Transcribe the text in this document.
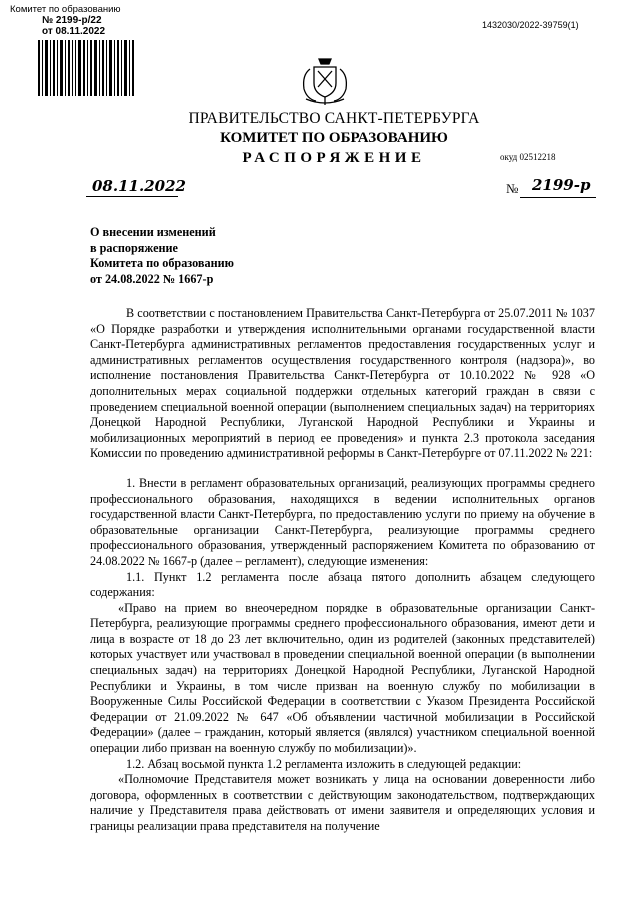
Комитет по образованию
№ 2199-р/22
от 08.11.2022
1432030/2022-39759(1)
ПРАВИТЕЛЬСТВО САНКТ-ПЕТЕРБУРГА
КОМИТЕТ ПО ОБРАЗОВАНИЮ
РАСПОРЯЖЕНИЕ	окуд 02512218
08.11.2022	№ 2199-р
О внесении изменений
в распоряжение
Комитета по образованию
от 24.08.2022 № 1667-р

В соответствии с постановлением Правительства Санкт-Петербурга от 25.07.2011 № 1037 «О Порядке разработки и утверждения исполнительными органами государственной власти Санкт-Петербурга административных регламентов предоставления государственных услуг и административных регламентов осуществления государственного контроля (надзора)», во исполнение постановления Правительства Санкт-Петербурга от 10.10.2022 № 928 «О дополнительных мерах социальной поддержки отдельных категорий граждан в связи с проведением специальной военной операции (выполнением специальных задач) на территориях Донецкой Народной Республики, Луганской Народной Республики и Украины и мобилизационных мероприятий в период ее проведения» и пункта 2.3 протокола заседания Комиссии по проведению административной реформы в Санкт-Петербурге от 07.11.2022 № 221:

1. Внести в регламент образовательных организаций, реализующих программы среднего профессионального образования, находящихся в ведении исполнительных органов государственной власти Санкт-Петербурга, по предоставлению услуги по приему на обучение в образовательные организации Санкт-Петербурга, реализующие программы среднего профессионального образования, утвержденный распоряжением Комитета по образованию от 24.08.2022 № 1667-р (далее – регламент), следующие изменения:

1.1. Пункт 1.2 регламента после абзаца пятого дополнить абзацем следующего содержания:

«Право на прием во внеочередном порядке в образовательные организации Санкт-Петербурга, реализующие программы среднего профессионального образования, имеют дети и лица в возрасте от 18 до 23 лет включительно, один из родителей (законных представителей) которых участвует или участвовал в проведении специальной военной операции (в выполнении специальных задач) на территориях Донецкой Народной Республики, Луганской Народной Республики и Украины, в том числе призван на военную службу по мобилизации в Вооруженные Силы Российской Федерации в соответствии с Указом Президента Российской Федерации от 21.09.2022 № 647 «Об объявлении частичной мобилизации в Российской Федерации» (далее – гражданин, который является (являлся) участником специальной военной операции либо призван на военную службу по мобилизации)».

1.2. Абзац восьмой пункта 1.2 регламента изложить в следующей редакции:

«Полномочие Представителя может возникать у лица на основании доверенности либо договора, оформленных в соответствии с действующим законодательством, подтверждающих наличие у Представителя права действовать от имени заявителя и определяющих условия и границы реализации права представителя на получение
